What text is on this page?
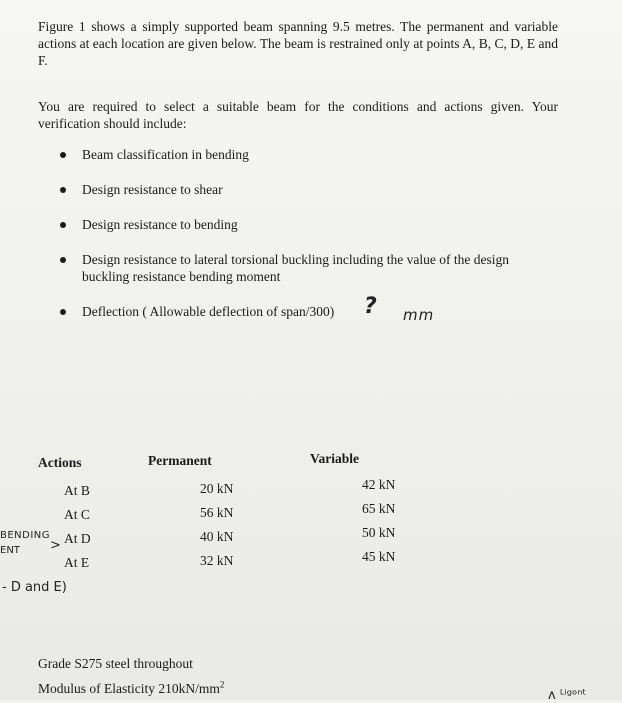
Figure 1 shows a simply supported beam spanning 9.5 metres. The permanent and variable actions at each location are given below. The beam is restrained only at points A, B, C, D, E and F.
You are required to select a suitable beam for the conditions and actions given. Your verification should include:
Beam classification in bending
Design resistance to shear
Design resistance to bending
Design resistance to lateral torsional buckling including the value of the design buckling resistance bending moment
Deflection ( Allowable deflection of span/300)	? mm
Actions	Permanent	Variable
At B	20 kN	42 kN
At C	56 kN	65 kN
At D	40 kN	50 kN
At E	32 kN	45 kN
BENDING
ENT >
- D and E)
Grade S275 steel throughout
Modulus of Elasticity $210kN/mm^2$
ᴧ ᴸⁱᵍᵒⁿᵗ
